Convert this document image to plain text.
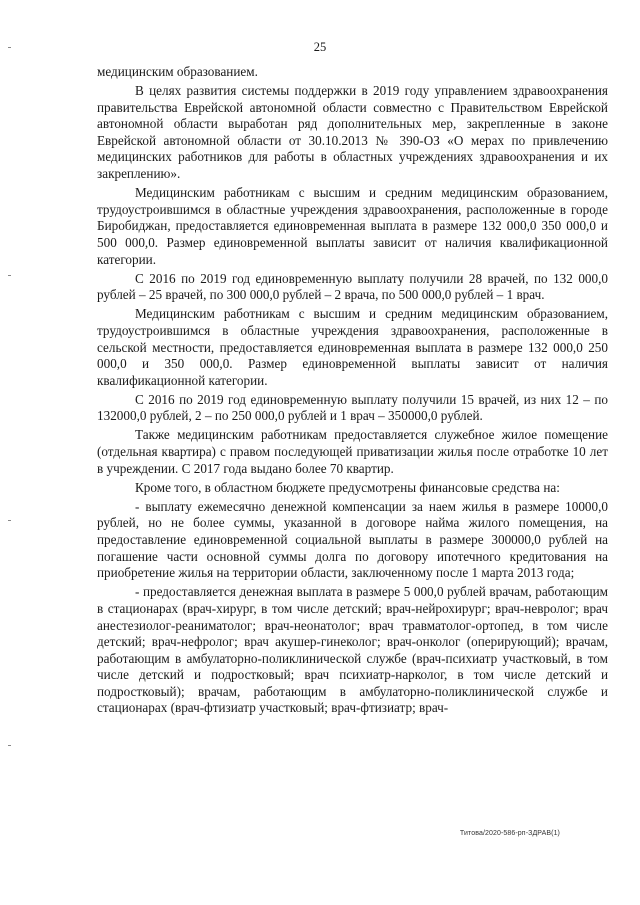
25

медицинским образованием.

В целях развития системы поддержки в 2019 году управлением здравоохранения правительства Еврейской автономной области совместно с Правительством Еврейской автономной области выработан ряд дополнительных мер, закрепленные в законе Еврейской автономной области от 30.10.2013 № 390-ОЗ «О мерах по привлечению медицинских работников для работы в областных учреждениях здравоохранения и их закреплению».

Медицинским работникам с высшим и средним медицинским образованием, трудоустроившимся в областные учреждения здравоохранения, расположенные в городе Биробиджан, предоставляется единовременная выплата в размере 132 000,0 350 000,0 и 500 000,0. Размер единовременной выплаты зависит от наличия квалификационной категории.

С 2016 по 2019 год единовременную выплату получили 28 врачей, по 132 000,0 рублей – 25 врачей, по 300 000,0 рублей – 2 врача, по 500 000,0 рублей – 1 врач.

Медицинским работникам с высшим и средним медицинским образованием, трудоустроившимся в областные учреждения здравоохранения, расположенные в сельской местности, предоставляется единовременная выплата в размере 132 000,0 250 000,0 и 350 000,0. Размер единовременной выплаты зависит от наличия квалификационной категории.

С 2016 по 2019 год единовременную выплату получили 15 врачей, из них 12 – по 132000,0 рублей, 2 – по 250 000,0 рублей и 1 врач – 350000,0 рублей.

Также медицинским работникам предоставляется служебное жилое помещение (отдельная квартира) с правом последующей приватизации жилья после отработке 10 лет в учреждении. С 2017 года выдано более 70 квартир.

Кроме того, в областном бюджете предусмотрены финансовые средства на:

- выплату ежемесячно денежной компенсации за наем жилья в размере 10000,0 рублей, но не более суммы, указанной в договоре найма жилого помещения, на предоставление единовременной социальной выплаты в размере 300000,0 рублей на погашение части основной суммы долга по договору ипотечного кредитования на приобретение жилья на территории области, заключенному после 1 марта 2013 года;

- предоставляется денежная выплата в размере 5 000,0 рублей врачам, работающим в стационарах (врач-хирург, в том числе детский; врач-нейрохирург; врач-невролог; врач анестезиолог-реаниматолог; врач-неонатолог; врач травматолог-ортопед, в том числе детский; врач-нефролог; врач акушер-гинеколог; врач-онколог (оперирующий); врачам, работающим в амбулаторно-поликлинической службе (врач-психиатр участковый, в том числе детский и подростковый; врач психиатр-нарколог, в том числе детский и подростковый); врачам, работающим в амбулаторно-поликлинической службе и стационарах (врач-фтизиатр участковый; врач-фтизиатр; врач-

Титова/2020-586-рп-ЗДРАВ(1)
